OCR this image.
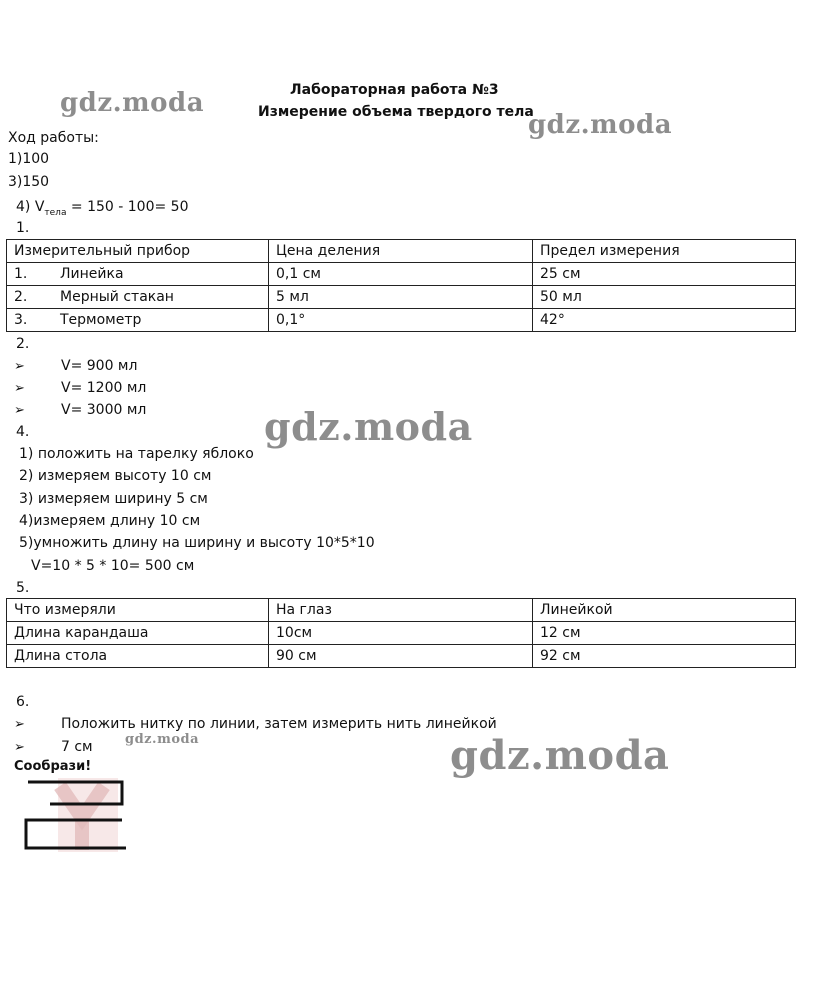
Лабораторная работа №3
Измерение объема твердого тела
gdz.moda
gdz.moda
gdz.moda
gdz.moda	gdz.moda
Ход работы:
1)100
3)150
4) $V_{тела} = 150 - 100= 50$
1.
Измерительный прибор	Цена деления	Предел измерения
1. Линейка	0,1 см	25 см
2. Мерный стакан	5 мл	50 мл
3. Термометр	0,1°	42°
2.
➢	V= 900 мл
➢	V= 1200 мл
➢	V= 3000 мл
4.
1) положить на тарелку яблоко
2) измеряем высоту 10 см
3) измеряем ширину 5 см
4)измеряем длину 10 см
5)умножить длину на ширину и высоту 10*5*10
V=10 * 5 * 10= 500 см
5.
Что измеряли	На глаз	Линейкой
Длина карандаша	10см	12 см
Длина стола	90 см	92 см
6.
➢	Положить нитку по линии, затем измерить нить линейкой
➢	7 см
Сообрази!
